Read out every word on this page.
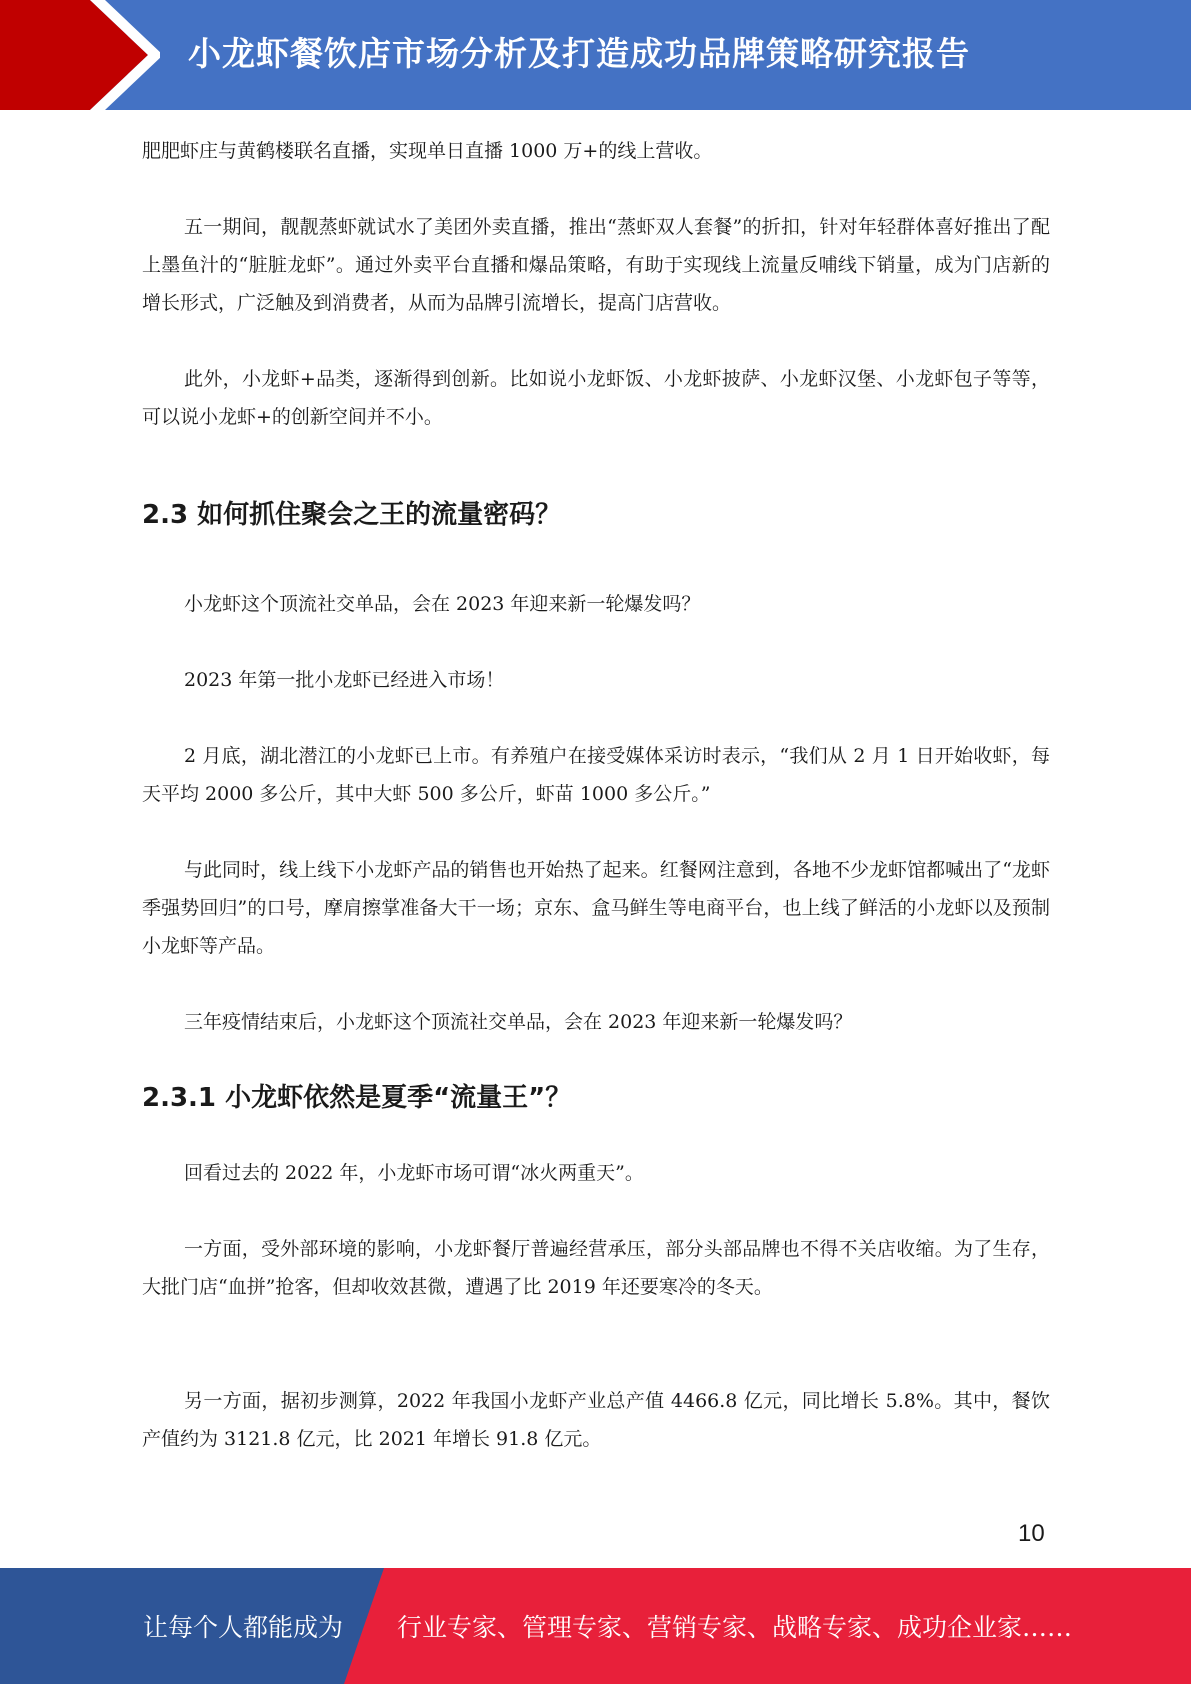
小龙虾餐饮店市场分析及打造成功品牌策略研究报告

肥肥虾庄与黄鹤楼联名直播，实现单日直播 1000 万+的线上营收。

五一期间，靓靓蒸虾就试水了美团外卖直播，推出“蒸虾双人套餐”的折扣，针对年轻群体喜好推出了配上墨鱼汁的“脏脏龙虾”。通过外卖平台直播和爆品策略，有助于实现线上流量反哺线下销量，成为门店新的增长形式，广泛触及到消费者，从而为品牌引流增长，提高门店营收。

此外，小龙虾+品类，逐渐得到创新。比如说小龙虾饭、小龙虾披萨、小龙虾汉堡、小龙虾包子等等，可以说小龙虾+的创新空间并不小。

2.3 如何抓住聚会之王的流量密码？

小龙虾这个顶流社交单品，会在 2023 年迎来新一轮爆发吗？

2023 年第一批小龙虾已经进入市场！

2 月底，湖北潜江的小龙虾已上市。有养殖户在接受媒体采访时表示，“我们从 2 月 1 日开始收虾，每天平均 2000 多公斤，其中大虾 500 多公斤，虾苗 1000 多公斤。”

与此同时，线上线下小龙虾产品的销售也开始热了起来。红餐网注意到，各地不少龙虾馆都喊出了“龙虾季强势回归”的口号，摩肩擦掌准备大干一场；京东、盒马鲜生等电商平台，也上线了鲜活的小龙虾以及预制小龙虾等产品。

三年疫情结束后，小龙虾这个顶流社交单品，会在 2023 年迎来新一轮爆发吗？

2.3.1 小龙虾依然是夏季“流量王”？

回看过去的 2022 年，小龙虾市场可谓“冰火两重天”。

一方面，受外部环境的影响，小龙虾餐厅普遍经营承压，部分头部品牌也不得不关店收缩。为了生存，大批门店“血拼”抢客，但却收效甚微，遭遇了比 2019 年还要寒冷的冬天。

另一方面，据初步测算，2022 年我国小龙虾产业总产值 4466.8 亿元，同比增长 5.8%。其中，餐饮产值约为 3121.8 亿元，比 2021 年增长 91.8 亿元。

10
让每个人都能成为 行业专家、管理专家、营销专家、战略专家、成功企业家……
